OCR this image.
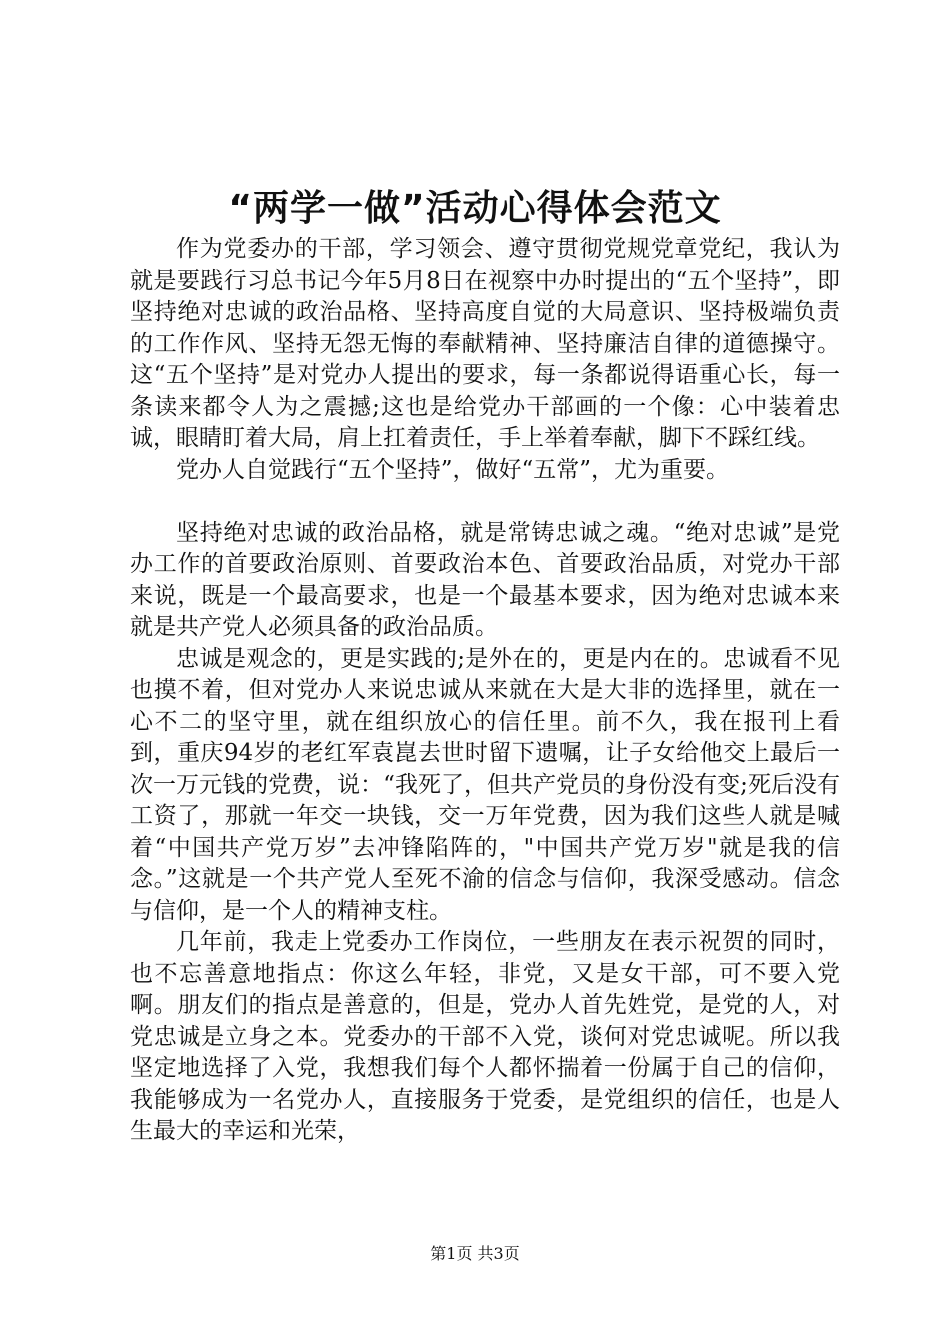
“两学一做”活动心得体会范文

作为党委办的干部，学习领会、遵守贯彻党规党章党纪，我认为就是要践行习总书记今年5月8日在视察中办时提出的“五个坚持”，即坚持绝对忠诚的政治品格、坚持高度自觉的大局意识、坚持极端负责的工作作风、坚持无怨无悔的奉献精神、坚持廉洁自律的道德操守。这“五个坚持”是对党办人提出的要求，每一条都说得语重心长，每一条读来都令人为之震撼;这也是给党办干部画的一个像：心中装着忠诚，眼睛盯着大局，肩上扛着责任，手上举着奉献，脚下不踩红线。

党办人自觉践行“五个坚持”，做好“五常”，尤为重要。

坚持绝对忠诚的政治品格，就是常铸忠诚之魂。“绝对忠诚”是党办工作的首要政治原则、首要政治本色、首要政治品质，对党办干部来说，既是一个最高要求，也是一个最基本要求，因为绝对忠诚本来就是共产党人必须具备的政治品质。

忠诚是观念的，更是实践的;是外在的，更是内在的。忠诚看不见也摸不着，但对党办人来说忠诚从来就在大是大非的选择里，就在一心不二的坚守里，就在组织放心的信任里。前不久，我在报刊上看到，重庆94岁的老红军袁崑去世时留下遗嘱，让子女给他交上最后一次一万元钱的党费，说：“我死了，但共产党员的身份没有变;死后没有工资了，那就一年交一块钱，交一万年党费，因为我们这些人就是喊着“中国共产党万岁”去冲锋陷阵的，"中国共产党万岁"就是我的信念。”这就是一个共产党人至死不渝的信念与信仰，我深受感动。信念与信仰，是一个人的精神支柱。

几年前，我走上党委办工作岗位，一些朋友在表示祝贺的同时，也不忘善意地指点：你这么年轻，非党，又是女干部，可不要入党啊。朋友们的指点是善意的，但是，党办人首先姓党，是党的人，对党忠诚是立身之本。党委办的干部不入党，谈何对党忠诚呢。所以我坚定地选择了入党，我想我们每个人都怀揣着一份属于自己的信仰，我能够成为一名党办人，直接服务于党委，是党组织的信任，也是人生最大的幸运和光荣，

第1页 共3页
